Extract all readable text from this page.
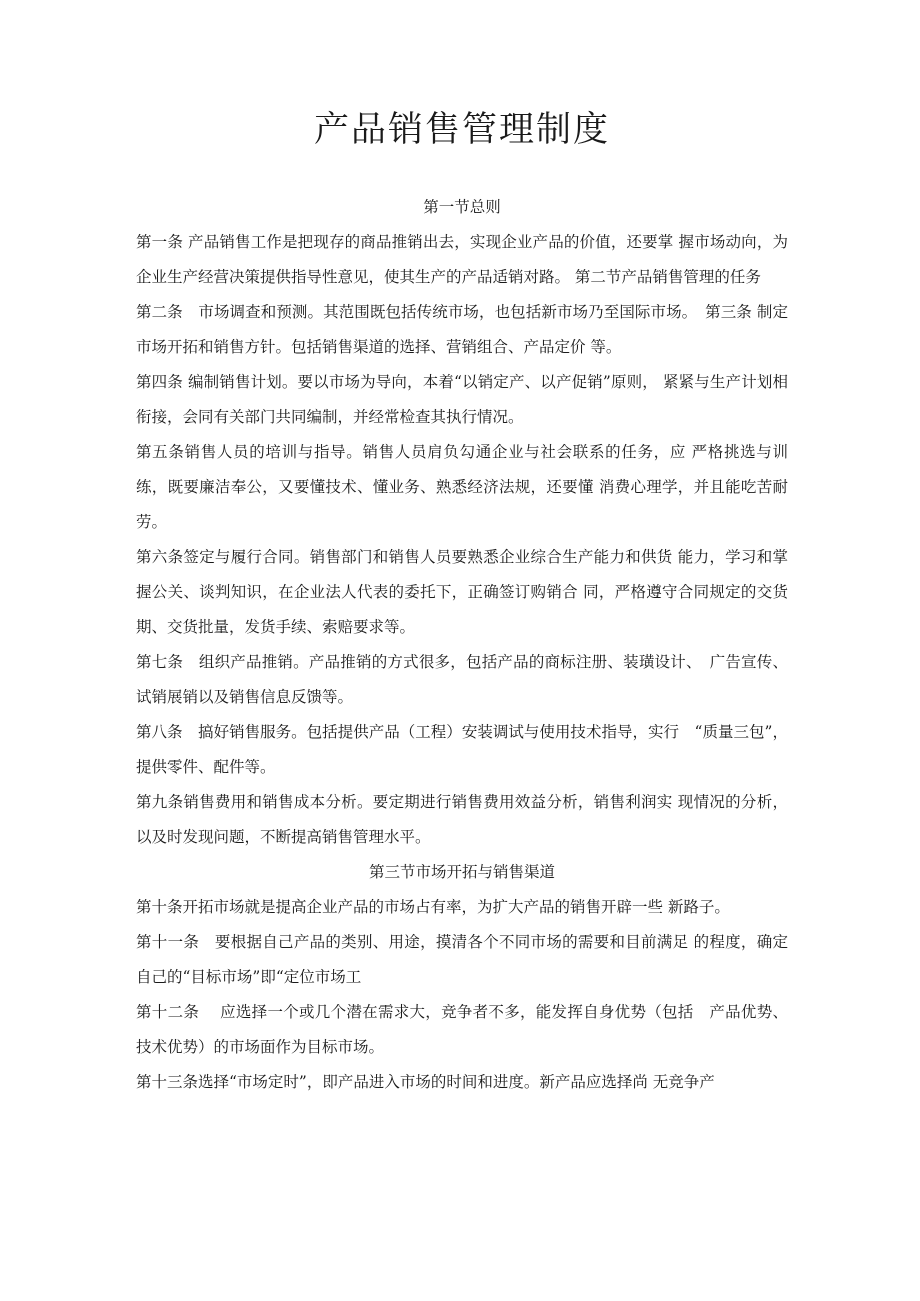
产品销售管理制度

第一节总则

第一条 产品销售工作是把现存的商品推销出去，实现企业产品的价值，还要掌 握市场动向，为企业生产经营决策提供指导性意见，使其生产的产品适销对路。 第二节产品销售管理的任务

第二条　市场调查和预测。其范围既包括传统市场，也包括新市场乃至国际市场。　第三条 制定市场开拓和销售方针。包括销售渠道的选择、营销组合、产品定价 等。

第四条 编制销售计划。要以市场为导向，本着“以销定产、以产促销”原则， 紧紧与生产计划相衔接，会同有关部门共同编制，并经常检查其执行情况。

第五条销售人员的培训与指导。销售人员肩负勾通企业与社会联系的任务，应 严格挑选与训练，既要廉洁奉公，又要懂技术、懂业务、熟悉经济法规，还要懂 消费心理学，并且能吃苦耐劳。

第六条签定与履行合同。销售部门和销售人员要熟悉企业综合生产能力和供货 能力，学习和掌握公关、谈判知识，在企业法人代表的委托下，正确签订购销合 同，严格遵守合同规定的交货期、交货批量，发货手续、索赔要求等。

第七条　组织产品推销。产品推销的方式很多，包括产品的商标注册、装璜设计、　广告宣传、试销展销以及销售信息反馈等。

第八条　搞好销售服务。包括提供产品（工程）安装调试与使用技术指导，实行　“质量三包”，提供零件、配件等。

第九条销售费用和销售成本分析。要定期进行销售费用效益分析，销售利润实 现情况的分析，以及时发现问题，不断提高销售管理水平。

第三节市场开拓与销售渠道

第十条开拓市场就是提高企业产品的市场占有率，为扩大产品的销售开辟一些 新路子。

第十一条　要根据自己产品的类别、用途，摸清各个不同市场的需要和目前满足 的程度，确定自己的“目标市场”即“定位市场工

第十二条　 应选择一个或几个潜在需求大，竞争者不多，能发挥自身优势（包括　产品优势、技术优势）的市场面作为目标市场。

第十三条选择“市场定时”，即产品进入市场的时间和进度。新产品应选择尚 无竞争产
